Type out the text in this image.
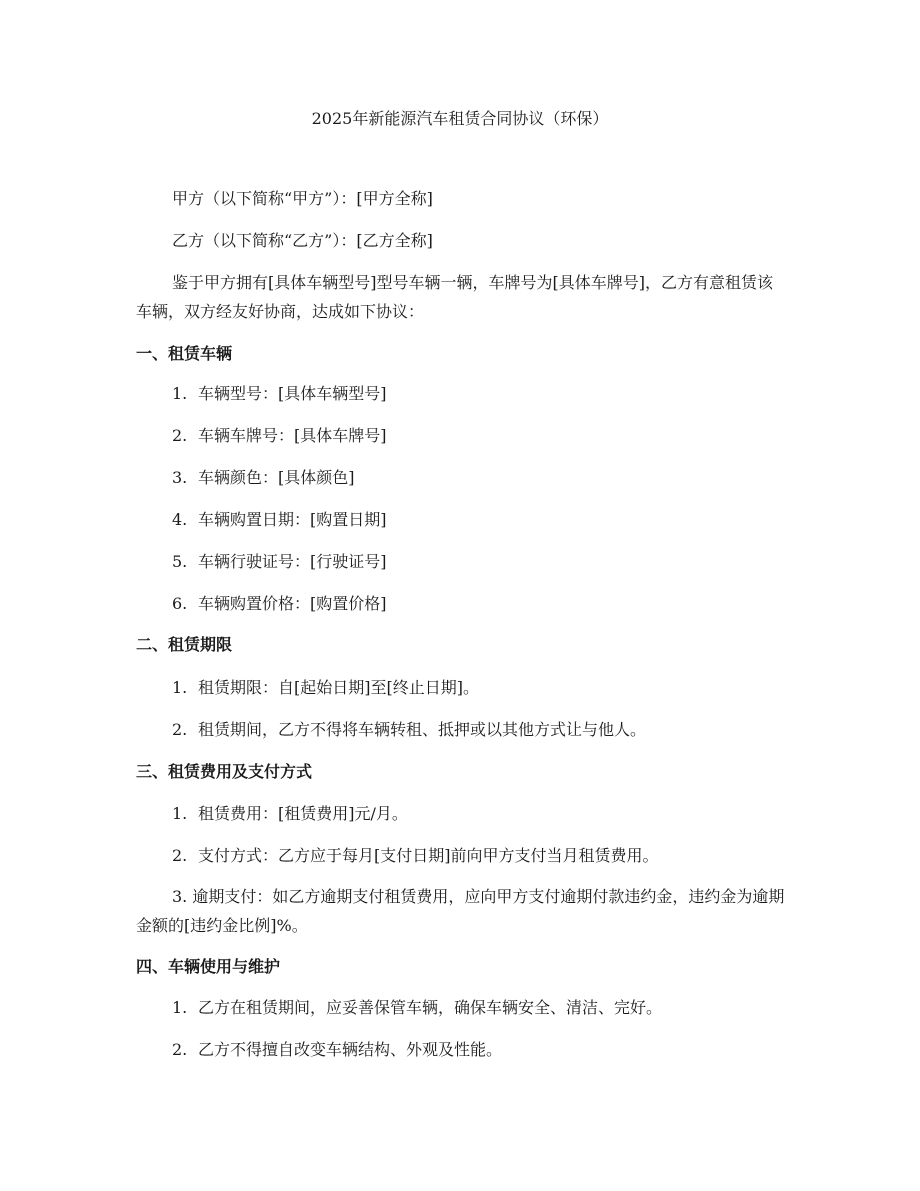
2025年新能源汽车租赁合同协议（环保）
甲方（以下简称“甲方”）：[甲方全称]
乙方（以下简称“乙方”）：[乙方全称]
鉴于甲方拥有[具体车辆型号]型号车辆一辆，车牌号为[具体车牌号]，乙方有意租赁该车辆，双方经友好协商，达成如下协议：
一、租赁车辆
1. 车辆型号：[具体车辆型号]
2. 车辆车牌号：[具体车牌号]
3. 车辆颜色：[具体颜色]
4. 车辆购置日期：[购置日期]
5. 车辆行驶证号：[行驶证号]
6. 车辆购置价格：[购置价格]
二、租赁期限
1. 租赁期限：自[起始日期]至[终止日期]。
2. 租赁期间，乙方不得将车辆转租、抵押或以其他方式让与他人。
三、租赁费用及支付方式
1. 租赁费用：[租赁费用]元/月。
2. 支付方式：乙方应于每月[支付日期]前向甲方支付当月租赁费用。
3. 逾期支付：如乙方逾期支付租赁费用，应向甲方支付逾期付款违约金，违约金为逾期金额的[违约金比例]%。
四、车辆使用与维护
1. 乙方在租赁期间，应妥善保管车辆，确保车辆安全、清洁、完好。
2. 乙方不得擅自改变车辆结构、外观及性能。
